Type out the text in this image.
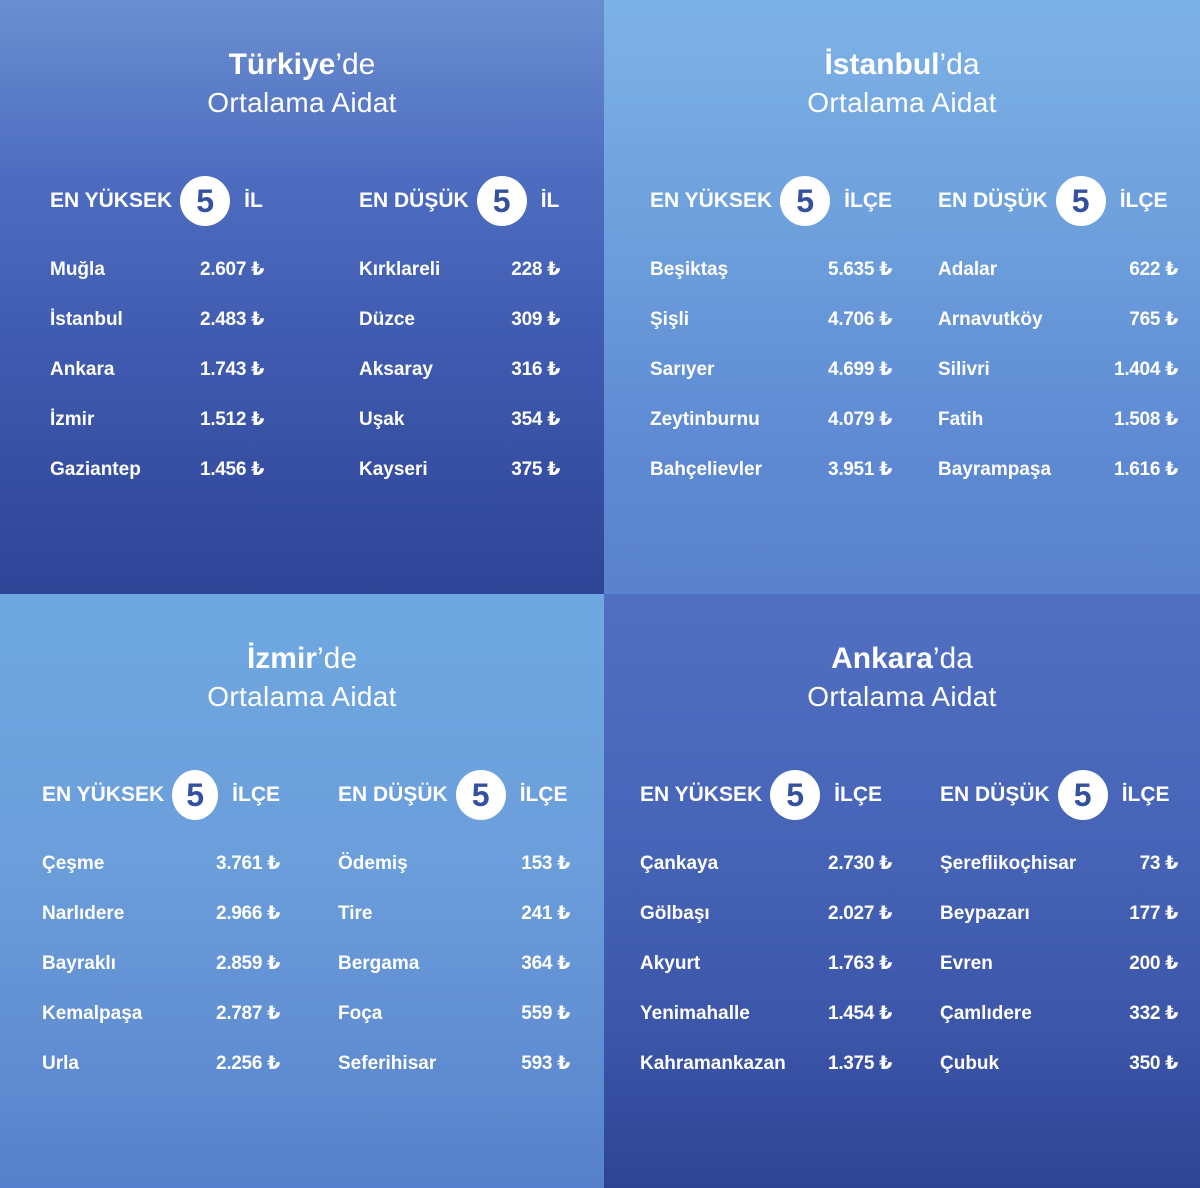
Türkiye’de
Ortalama Aidat
EN YÜKSEK 5	İL
Muğla	2.607 ₺
İstanbul	2.483 ₺
Ankara	1.743 ₺
İzmir	1.512 ₺
Gaziantep	1.456 ₺
EN DÜŞÜK 5	İL
Kırklareli	228 ₺
Düzce	309 ₺
Aksaray	316 ₺
Uşak	354 ₺
Kayseri	375 ₺
İstanbul’da
Ortalama Aidat
EN YÜKSEK 5	İLÇE
Beşiktaş	5.635 ₺
Şişli	4.706 ₺
Sarıyer	4.699 ₺
Zeytinburnu	4.079 ₺
Bahçelievler	3.951 ₺
EN DÜŞÜK 5	İLÇE
Adalar	622 ₺
Arnavutköy	765 ₺
Silivri	1.404 ₺
Fatih	1.508 ₺
Bayrampaşa	1.616 ₺
İzmir’de
Ortalama Aidat
EN YÜKSEK 5	İLÇE
Çeşme	3.761 ₺
Narlıdere	2.966 ₺
Bayraklı	2.859 ₺
Kemalpaşa	2.787 ₺
Urla	2.256 ₺
EN DÜŞÜK 5	İLÇE
Ödemiş	153 ₺
Tire	241 ₺
Bergama	364 ₺
Foça	559 ₺
Seferihisar	593 ₺
Ankara’da
Ortalama Aidat
EN YÜKSEK 5	İLÇE
Çankaya	2.730 ₺
Gölbaşı	2.027 ₺
Akyurt	1.763 ₺
Yenimahalle	1.454 ₺
Kahramankazan 1.375 ₺
EN DÜŞÜK 5	İLÇE
Şereflikoçhisar	73 ₺
Beypazarı	177 ₺
Evren	200 ₺
Çamlıdere	332 ₺
Çubuk	350 ₺
